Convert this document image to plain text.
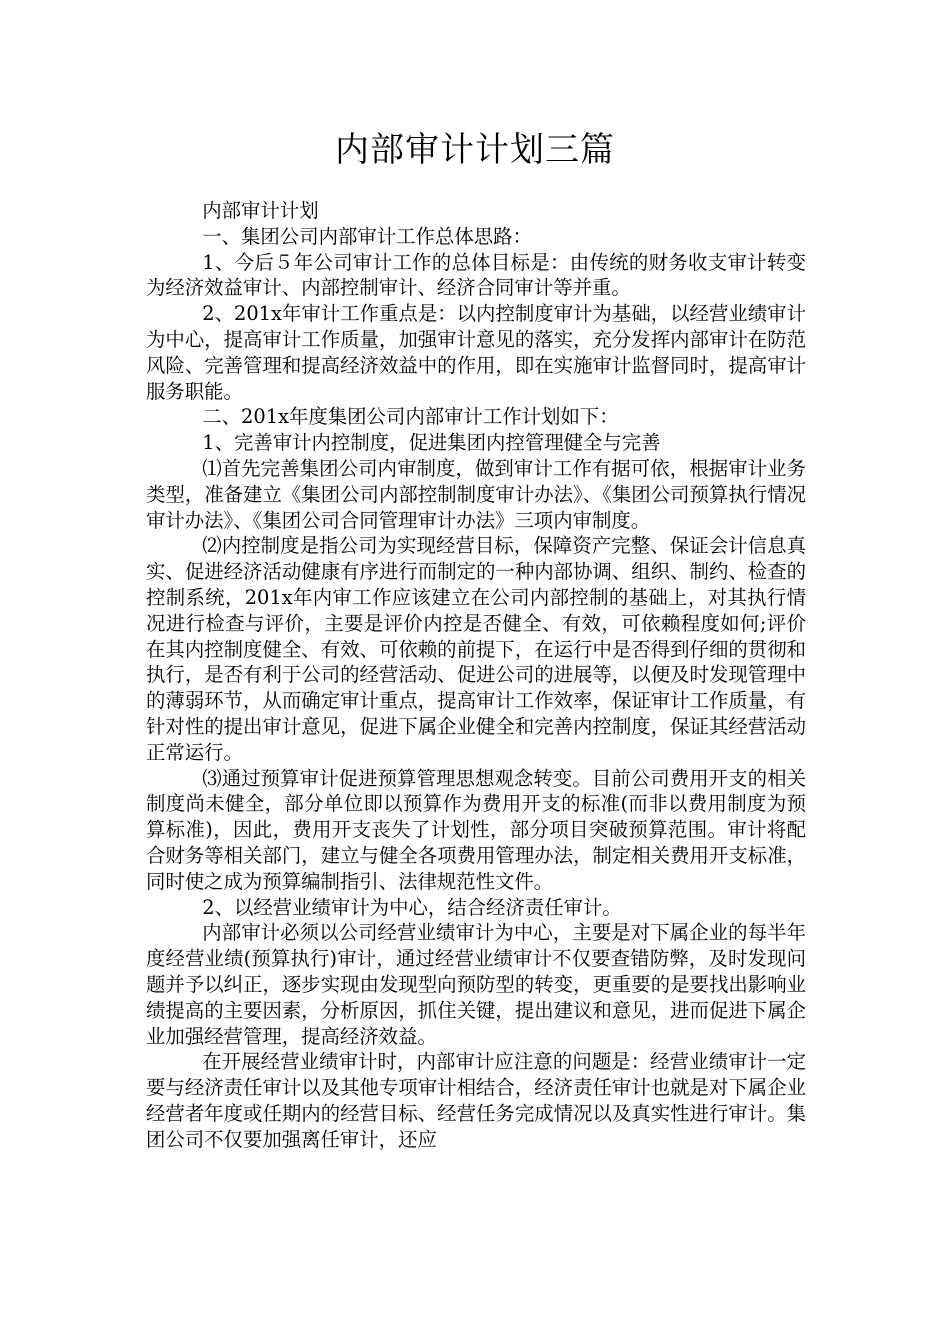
内部审计计划三篇

内部审计计划

一、集团公司内部审计工作总体思路：

1、今后５年公司审计工作的总体目标是：由传统的财务收支审计转变为经济效益审计、内部控制审计、经济合同审计等并重。

2、201x年审计工作重点是：以内控制度审计为基础，以经营业绩审计为中心，提高审计工作质量，加强审计意见的落实，充分发挥内部审计在防范风险、完善管理和提高经济效益中的作用，即在实施审计监督同时，提高审计服务职能。

二、201x年度集团公司内部审计工作计划如下：

1、完善审计内控制度，促进集团内控管理健全与完善

⑴首先完善集团公司内审制度，做到审计工作有据可依，根据审计业务类型，准备建立《集团公司内部控制制度审计办法》、《集团公司预算执行情况审计办法》、《集团公司合同管理审计办法》三项内审制度。

⑵内控制度是指公司为实现经营目标，保障资产完整、保证会计信息真实、促进经济活动健康有序进行而制定的一种内部协调、组织、制约、检查的控制系统，201x年内审工作应该建立在公司内部控制的基础上，对其执行情况进行检查与评价，主要是评价内控是否健全、有效，可依赖程度如何;评价在其内控制度健全、有效、可依赖的前提下，在运行中是否得到仔细的贯彻和执行，是否有利于公司的经营活动、促进公司的进展等，以便及时发现管理中的薄弱环节，从而确定审计重点，提高审计工作效率，保证审计工作质量，有针对性的提出审计意见，促进下属企业健全和完善内控制度，保证其经营活动正常运行。

⑶通过预算审计促进预算管理思想观念转变。目前公司费用开支的相关制度尚未健全，部分单位即以预算作为费用开支的标准(而非以费用制度为预算标准)，因此，费用开支丧失了计划性，部分项目突破预算范围。审计将配合财务等相关部门，建立与健全各项费用管理办法，制定相关费用开支标准，同时使之成为预算编制指引、法律规范性文件。

2、以经营业绩审计为中心，结合经济责任审计。

内部审计必须以公司经营业绩审计为中心，主要是对下属企业的每半年度经营业绩(预算执行)审计，通过经营业绩审计不仅要查错防弊，及时发现问题并予以纠正，逐步实现由发现型向预防型的转变，更重要的是要找出影响业绩提高的主要因素，分析原因，抓住关键，提出建议和意见，进而促进下属企业加强经营管理，提高经济效益。

在开展经营业绩审计时，内部审计应注意的问题是：经营业绩审计一定要与经济责任审计以及其他专项审计相结合，经济责任审计也就是对下属企业经营者年度或任期内的经营目标、经营任务完成情况以及真实性进行审计。集团公司不仅要加强离任审计，还应
